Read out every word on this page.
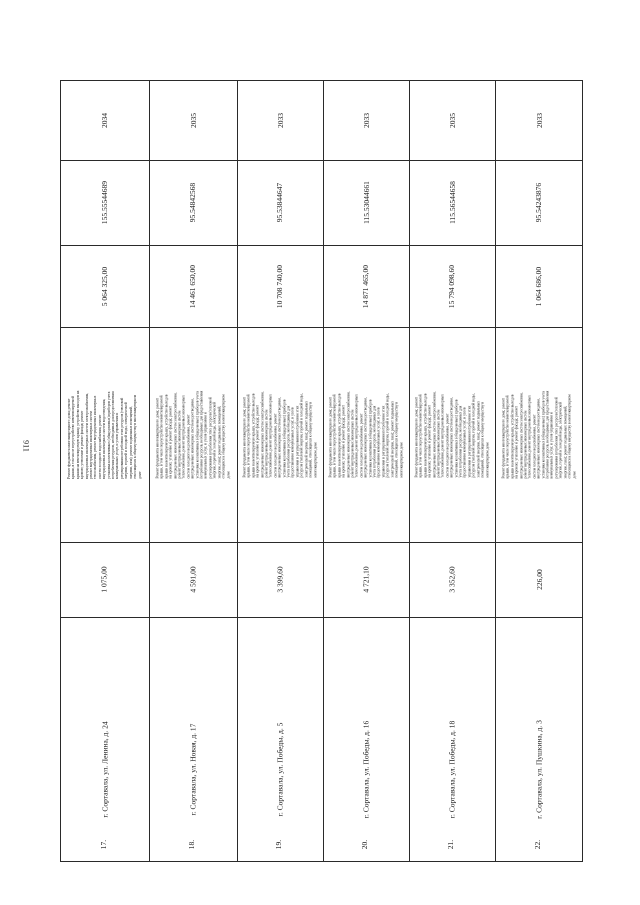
911
2034
155.55544689
5 064 325,00
Ремонт фундамента многоквартирного дома; ремонт крыши, в том числе переустройство невентилируемой крыши на вентилируемую крышу, устройство выходов на кровлю; утепление и ремонт фасада; ремонт внутридомовых инженерных систем электроснабжения, ремонт внутридомовых инженерных систем теплоснабжения, ремонт внутридомовых инженерных систем холодного водоснабжения, ремонт внутридомовых инженерных систем водоотведения, установка коллективных (общедомовых) приборов учета потребления ресурсов, необходимых для предоставления коммунальных услуг, и узлов управления и регулирования потребления этих ресурсов (тепловой энергии, горячей и холодной воды, электрической энергии, газа); ремонт подвальных помещений, относящихся к общему имуществу в многоквартирном доме
1 075,00
г. Сортавала, ул. Ленина, д. 24
17.
2035
95.54842568
14 461 650,00
Ремонт фундамента многоквартирного дома; ремонт крыши, в том числе переустройство невентилируемой крыши на вентилируемую крышу, устройство выходов на кровлю; утепление и ремонт фасада; ремонт внутридомовых инженерных систем электроснабжения, ремонт внутридомовых инженерных систем теплоснабжения, ремонт внутридомовых инженерных систем холодного водоснабжения, ремонт внутридомовых инженерных систем водоотведения, установка коллективных (общедомовых) приборов учета потребления ресурсов, необходимых для предоставления коммунальных услуг, и узлов управления и регулирования потребления этих ресурсов (тепловой энергии, горячей и холодной воды, электрической энергии, газа); ремонт подвальных помещений, относящихся к общему имуществу в многоквартирном доме
4 591,00
г. Сортавала, ул. Новая, д. 17
18.
2033
95.53844647
10 708 740,00
Ремонт фундамента многоквартирного дома; ремонт крыши, в том числе переустройство невентилируемой крыши на вентилируемую крышу, устройство выходов на кровлю; утепление и ремонт фасада; ремонт внутридомовых инженерных систем электроснабжения, ремонт внутридомовых инженерных систем теплоснабжения, ремонт внутридомовых инженерных систем холодного водоснабжения, ремонт внутридомовых инженерных систем водоотведения, установка коллективных (общедомовых) приборов учета потребления ресурсов, необходимых для предоставления коммунальных услуг, и узлов управления и регулирования потребления этих ресурсов (тепловой энергии, горячей и холодной воды, электрической энергии, газа); ремонт подвальных помещений, относящихся к общему имуществу в многоквартирном доме
3 399,60
г. Сортавала, ул. Победы, д. 5
19.
2033
115.53044661
14 871 465,00
Ремонт фундамента многоквартирного дома; ремонт крыши, в том числе переустройство невентилируемой крыши на вентилируемую крышу, устройство выходов на кровлю; утепление и ремонт фасада; ремонт внутридомовых инженерных систем электроснабжения, ремонт внутридомовых инженерных систем теплоснабжения, ремонт внутридомовых инженерных систем холодного водоснабжения, ремонт внутридомовых инженерных систем водоотведения, установка коллективных (общедомовых) приборов учета потребления ресурсов, необходимых для предоставления коммунальных услуг, и узлов управления и регулирования потребления этих ресурсов (тепловой энергии, горячей и холодной воды, электрической энергии, газа); ремонт подвальных помещений, относящихся к общему имуществу в многоквартирном доме
4 721,10
г. Сортавала, ул. Победы, д. 16
20.
2035
115.56544658
15 794 098,60
Ремонт фундамента многоквартирного дома; ремонт крыши, в том числе переустройство невентилируемой крыши на вентилируемую крышу, устройство выходов на кровлю; утепление и ремонт фасада; ремонт внутридомовых инженерных систем электроснабжения, ремонт внутридомовых инженерных систем теплоснабжения, ремонт внутридомовых инженерных систем холодного водоснабжения, ремонт внутридомовых инженерных систем водоотведения, установка коллективных (общедомовых) приборов учета потребления ресурсов, необходимых для предоставления коммунальных услуг, и узлов управления и регулирования потребления этих ресурсов (тепловой энергии, горячей и холодной воды, электрической энергии, газа); ремонт подвальных помещений, относящихся к общему имуществу в многоквартирном доме
3 352,60
г. Сортавала, ул. Победы, д. 18
21.
2033
95.54243876
1 064 686,00
Ремонт фундамента многоквартирного дома; ремонт крыши, в том числе переустройство невентилируемой крыши на вентилируемую крышу, устройство выходов на кровлю; утепление и ремонт фасада; ремонт внутридомовых инженерных систем электроснабжения, ремонт внутридомовых инженерных систем теплоснабжения, ремонт внутридомовых инженерных систем холодного водоснабжения, ремонт внутридомовых инженерных систем водоотведения, установка коллективных (общедомовых) приборов учета потребления ресурсов, необходимых для предоставления коммунальных услуг, и узлов управления и регулирования потребления этих ресурсов (тепловой энергии, горячей и холодной воды, электрической энергии, газа); ремонт подвальных помещений, относящихся к общему имуществу в многоквартирном доме
226,00
г. Сортавала, ул. Пушкина, д. 3
22.
